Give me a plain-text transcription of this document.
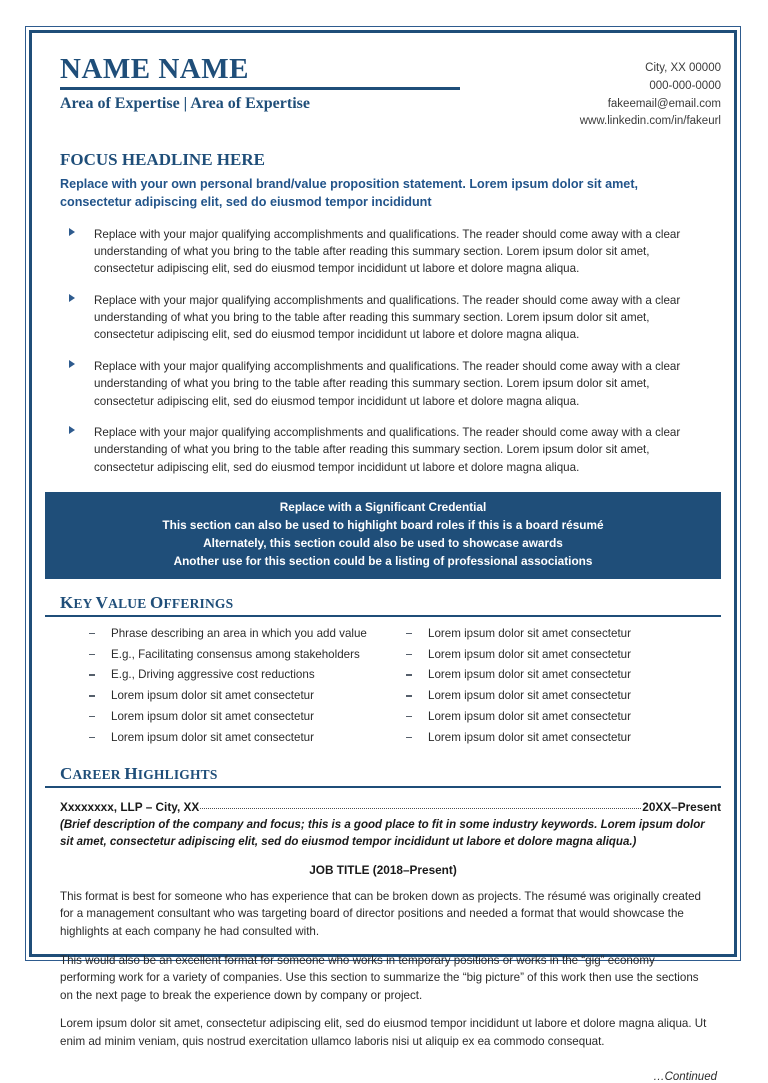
NAME NAME
Area of Expertise | Area of Expertise
City, XX 00000
000-000-0000
fakeemail@email.com
www.linkedin.com/in/fakeurl
FOCUS HEADLINE HERE
Replace with your own personal brand/value proposition statement. Lorem ipsum dolor sit amet, consectetur adipiscing elit, sed do eiusmod tempor incididunt
Replace with your major qualifying accomplishments and qualifications. The reader should come away with a clear understanding of what you bring to the table after reading this summary section. Lorem ipsum dolor sit amet, consectetur adipiscing elit, sed do eiusmod tempor incididunt ut labore et dolore magna aliqua.
Replace with your major qualifying accomplishments and qualifications. The reader should come away with a clear understanding of what you bring to the table after reading this summary section. Lorem ipsum dolor sit amet, consectetur adipiscing elit, sed do eiusmod tempor incididunt ut labore et dolore magna aliqua.
Replace with your major qualifying accomplishments and qualifications. The reader should come away with a clear understanding of what you bring to the table after reading this summary section. Lorem ipsum dolor sit amet, consectetur adipiscing elit, sed do eiusmod tempor incididunt ut labore et dolore magna aliqua.
Replace with your major qualifying accomplishments and qualifications. The reader should come away with a clear understanding of what you bring to the table after reading this summary section. Lorem ipsum dolor sit amet, consectetur adipiscing elit, sed do eiusmod tempor incididunt ut labore et dolore magna aliqua.
Replace with a Significant Credential
This section can also be used to highlight board roles if this is a board résumé
Alternately, this section could also be used to showcase awards
Another use for this section could be a listing of professional associations
KEY VALUE OFFERINGS
Phrase describing an area in which you add value
E.g., Facilitating consensus among stakeholders
E.g., Driving aggressive cost reductions
Lorem ipsum dolor sit amet consectetur
Lorem ipsum dolor sit amet consectetur
Lorem ipsum dolor sit amet consectetur
Lorem ipsum dolor sit amet consectetur
Lorem ipsum dolor sit amet consectetur
Lorem ipsum dolor sit amet consectetur
Lorem ipsum dolor sit amet consectetur
Lorem ipsum dolor sit amet consectetur
Lorem ipsum dolor sit amet consectetur
CAREER HIGHLIGHTS
Xxxxxxxx, LLP – City, XX	20XX–Present
(Brief description of the company and focus; this is a good place to fit in some industry keywords. Lorem ipsum dolor sit amet, consectetur adipiscing elit, sed do eiusmod tempor incididunt ut labore et dolore magna aliqua.)
JOB TITLE (2018–Present)
This format is best for someone who has experience that can be broken down as projects. The résumé was originally created for a management consultant who was targeting board of director positions and needed a format that would showcase the highlights at each company he had consulted with.
This would also be an excellent format for someone who works in temporary positions or works in the “gig” economy performing work for a variety of companies. Use this section to summarize the “big picture” of this work then use the sections on the next page to break the experience down by company or project.
Lorem ipsum dolor sit amet, consectetur adipiscing elit, sed do eiusmod tempor incididunt ut labore et dolore magna aliqua. Ut enim ad minim veniam, quis nostrud exercitation ullamco laboris nisi ut aliquip ex ea commodo consequat.
…Continued
